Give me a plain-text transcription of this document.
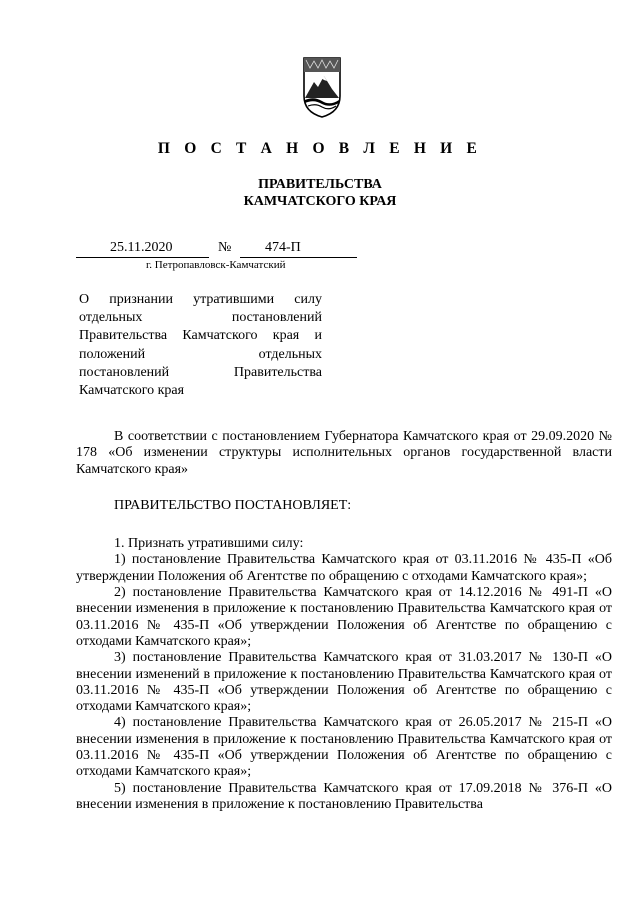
П О С Т А Н О В Л Е Н И Е
ПРАВИТЕЛЬСТВА
КАМЧАТСКОГО КРАЯ
25.11.2020	№ 474-П
г. Петропавловск-Камчатский
О признании утратившими силу
отдельных постановлений
Правительства Камчатского края и
положений отдельных
постановлений Правительства
Камчатского края

В соответствии с постановлением Губернатора Камчатского края от 29.09.2020 № 178 «Об изменении структуры исполнительных органов государственной власти Камчатского края»

ПРАВИТЕЛЬСТВО ПОСТАНОВЛЯЕТ:

1. Признать утратившими силу:

1) постановление Правительства Камчатского края от 03.11.2016 № 435-П «Об утверждении Положения об Агентстве по обращению с отходами Камчатского края»;

2) постановление Правительства Камчатского края от 14.12.2016 № 491-П «О внесении изменения в приложение к постановлению Правительства Камчатского края от 03.11.2016 № 435-П «Об утверждении Положения об Агентстве по обращению с отходами Камчатского края»;

3) постановление Правительства Камчатского края от 31.03.2017 № 130-П «О внесении изменений в приложение к постановлению Правительства Камчатского края от 03.11.2016 № 435-П «Об утверждении Положения об Агентстве по обращению с отходами Камчатского края»;

4) постановление Правительства Камчатского края от 26.05.2017 № 215-П «О внесении изменения в приложение к постановлению Правительства Камчатского края от 03.11.2016 № 435-П «Об утверждении Положения об Агентстве по обращению с отходами Камчатского края»;

5) постановление Правительства Камчатского края от 17.09.2018 № 376-П «О внесении изменения в приложение к постановлению Правительства
